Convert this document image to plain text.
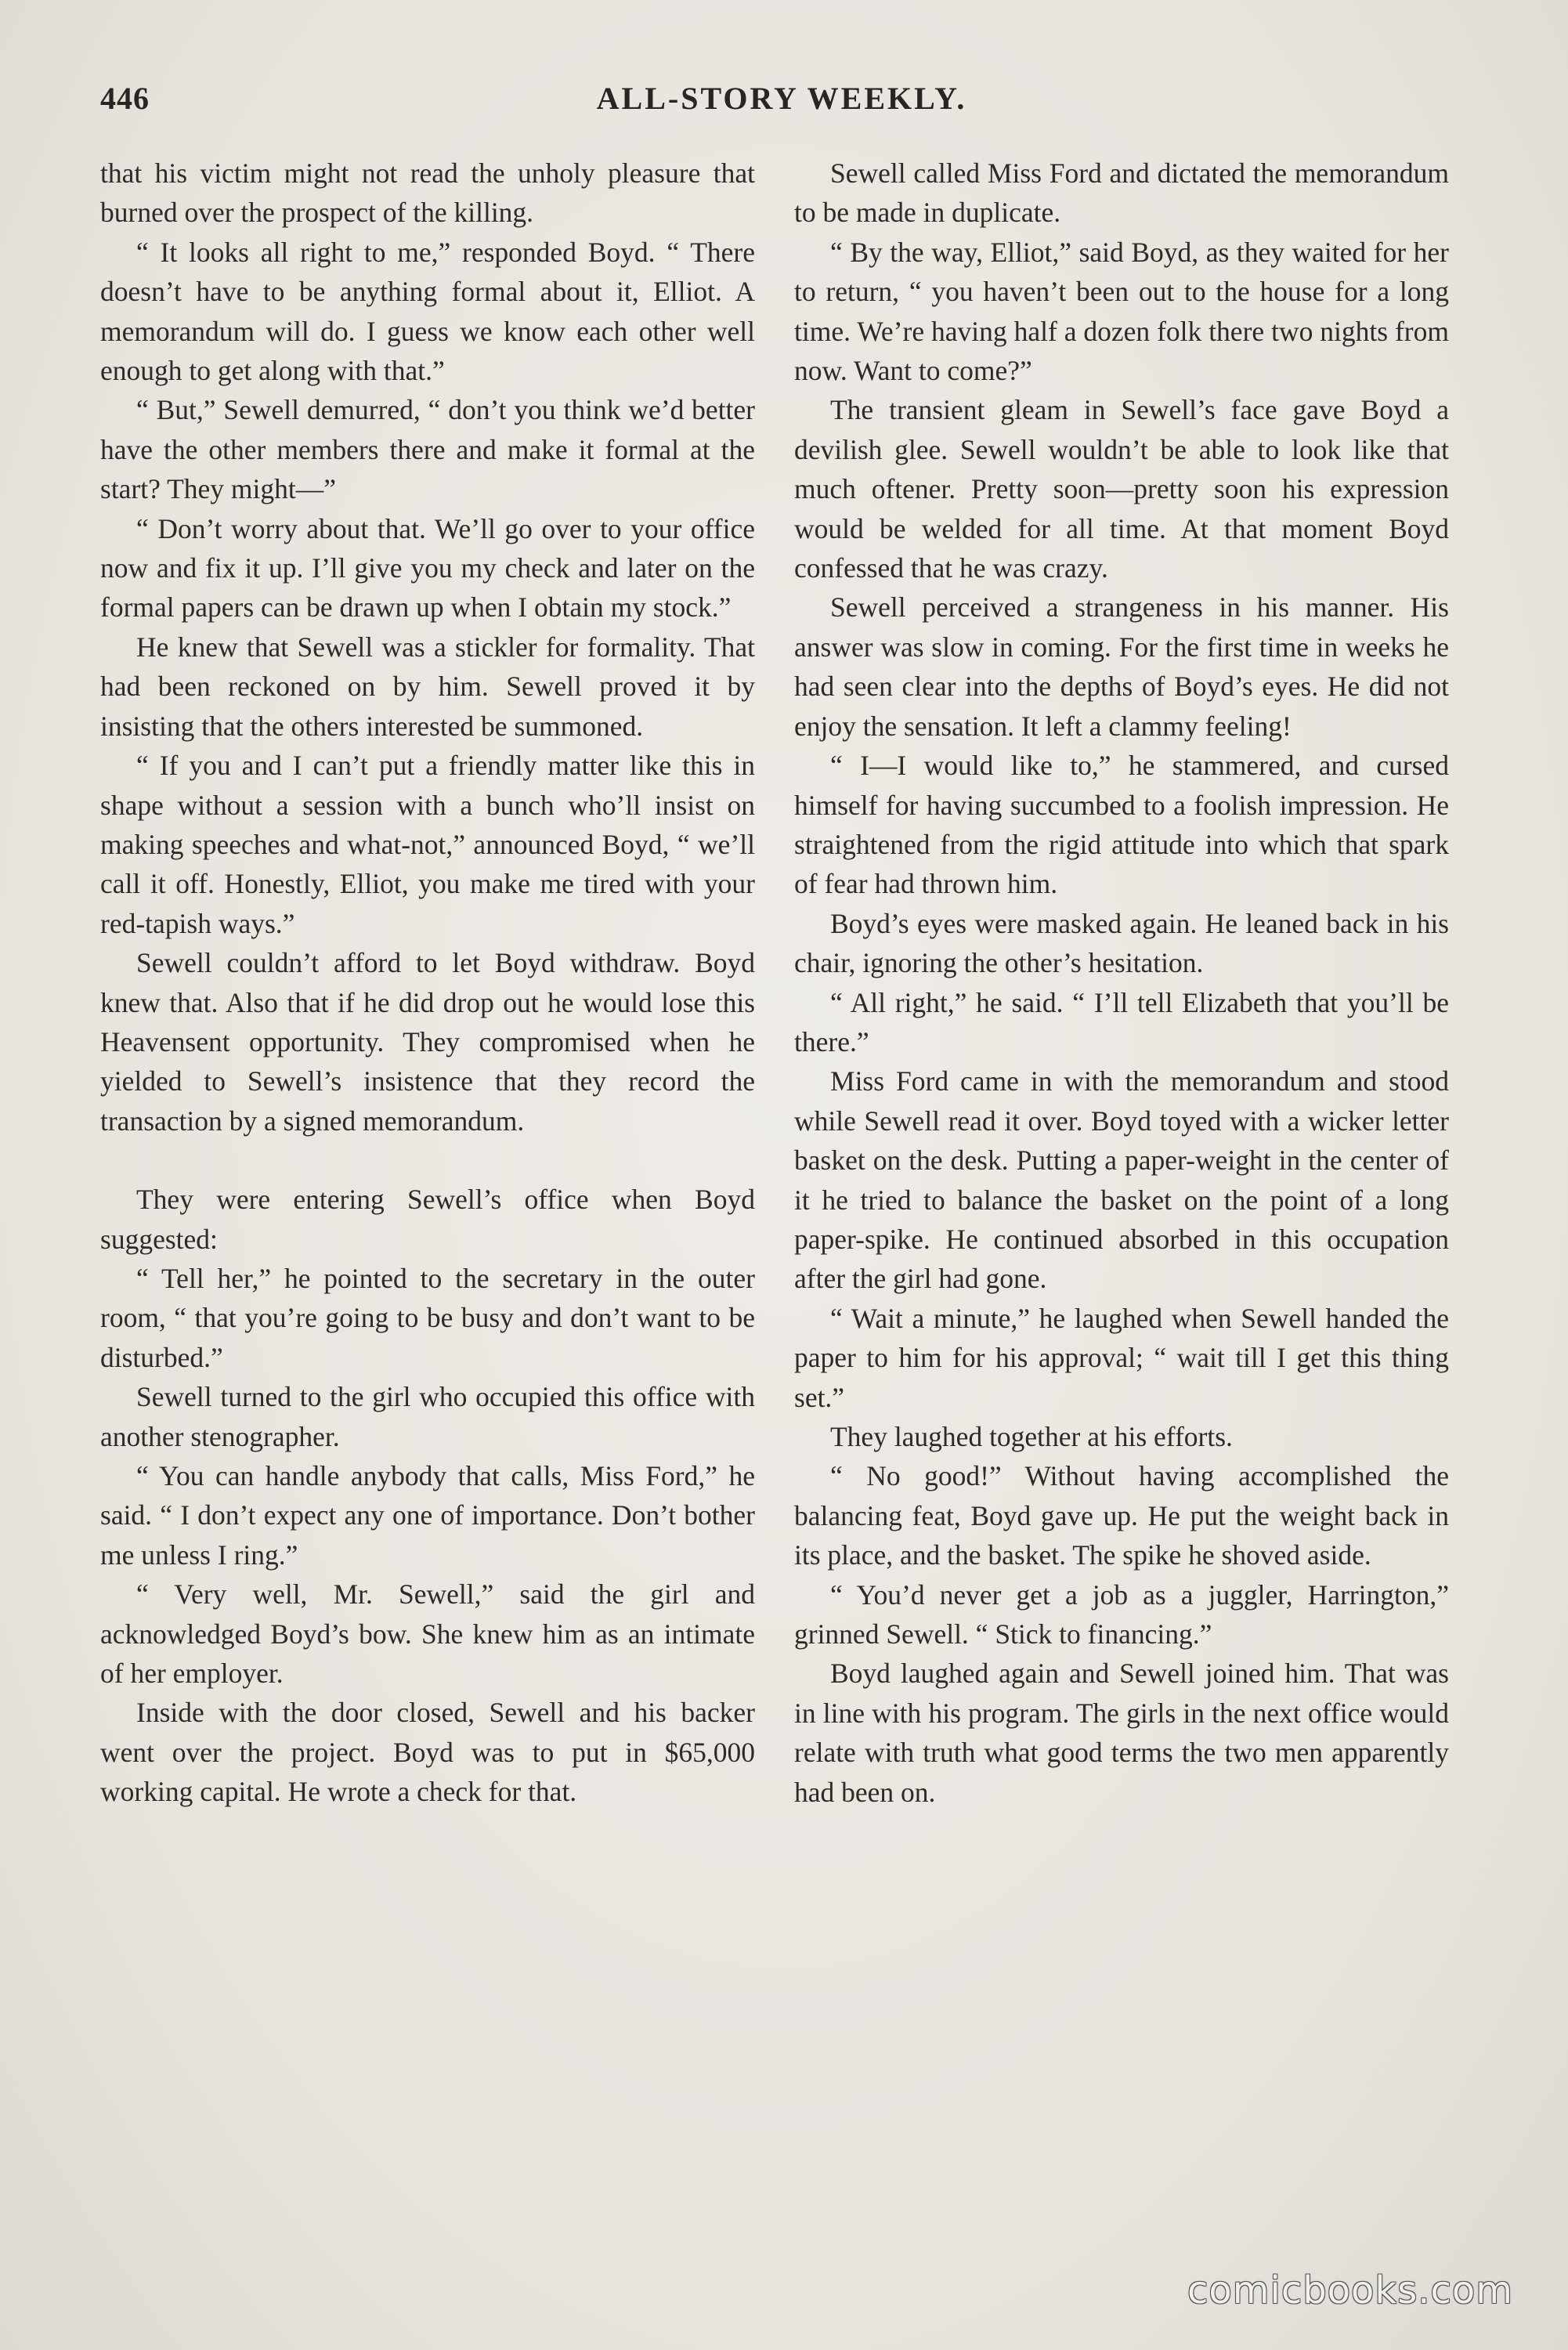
446	ALL-STORY WEEKLY.

that his victim might not read the unholy pleasure that burned over the prospect of the killing.

“ It looks all right to me,” responded Boyd. “ There doesn’t have to be anything formal about it, Elliot. A memorandum will do. I guess we know each other well enough to get along with that.”

“ But,” Sewell demurred, “ don’t you think we’d better have the other members there and make it formal at the start? They might—”

“ Don’t worry about that. We’ll go over to your office now and fix it up. I’ll give you my check and later on the formal papers can be drawn up when I obtain my stock.”

He knew that Sewell was a stickler for formality. That had been reckoned on by him. Sewell proved it by insisting that the others interested be summoned.

“ If you and I can’t put a friendly matter like this in shape without a session with a bunch who’ll insist on making speeches and what-not,” announced Boyd, “ we’ll call it off. Honestly, Elliot, you make me tired with your red-tapish ways.”

Sewell couldn’t afford to let Boyd withdraw. Boyd knew that. Also that if he did drop out he would lose this Heavensent opportunity. They compromised when he yielded to Sewell’s insistence that they record the transaction by a signed memorandum.

They were entering Sewell’s office when Boyd suggested:

“ Tell her,” he pointed to the secretary in the outer room, “ that you’re going to be busy and don’t want to be disturbed.”

Sewell turned to the girl who occupied this office with another stenographer.

“ You can handle anybody that calls, Miss Ford,” he said. “ I don’t expect any one of importance. Don’t bother me unless I ring.”

“ Very well, Mr. Sewell,” said the girl and acknowledged Boyd’s bow. She knew him as an intimate of her employer.

Inside with the door closed, Sewell and his backer went over the project. Boyd was to put in $65,000 working capital. He wrote a check for that.

Sewell called Miss Ford and dictated the memorandum to be made in duplicate.

“ By the way, Elliot,” said Boyd, as they waited for her to return, “ you haven’t been out to the house for a long time. We’re having half a dozen folk there two nights from now. Want to come?”

The transient gleam in Sewell’s face gave Boyd a devilish glee. Sewell wouldn’t be able to look like that much oftener. Pretty soon—pretty soon his expression would be welded for all time. At that moment Boyd confessed that he was crazy.

Sewell perceived a strangeness in his manner. His answer was slow in coming. For the first time in weeks he had seen clear into the depths of Boyd’s eyes. He did not enjoy the sensation. It left a clammy feeling!

“ I—I would like to,” he stammered, and cursed himself for having succumbed to a foolish impression. He straightened from the rigid attitude into which that spark of fear had thrown him.

Boyd’s eyes were masked again. He leaned back in his chair, ignoring the other’s hesitation.

“ All right,” he said. “ I’ll tell Elizabeth that you’ll be there.”

Miss Ford came in with the memorandum and stood while Sewell read it over. Boyd toyed with a wicker letter basket on the desk. Putting a paper-weight in the center of it he tried to balance the basket on the point of a long paper-spike. He continued absorbed in this occupation after the girl had gone.

“ Wait a minute,” he laughed when Sewell handed the paper to him for his approval; “ wait till I get this thing set.”

They laughed together at his efforts.

“ No good!” Without having accomplished the balancing feat, Boyd gave up. He put the weight back in its place, and the basket. The spike he shoved aside.

“ You’d never get a job as a juggler, Harrington,” grinned Sewell. “ Stick to financing.”

Boyd laughed again and Sewell joined him. That was in line with his program. The girls in the next office would relate with truth what good terms the two men apparently had been on.

comicbooks.com
